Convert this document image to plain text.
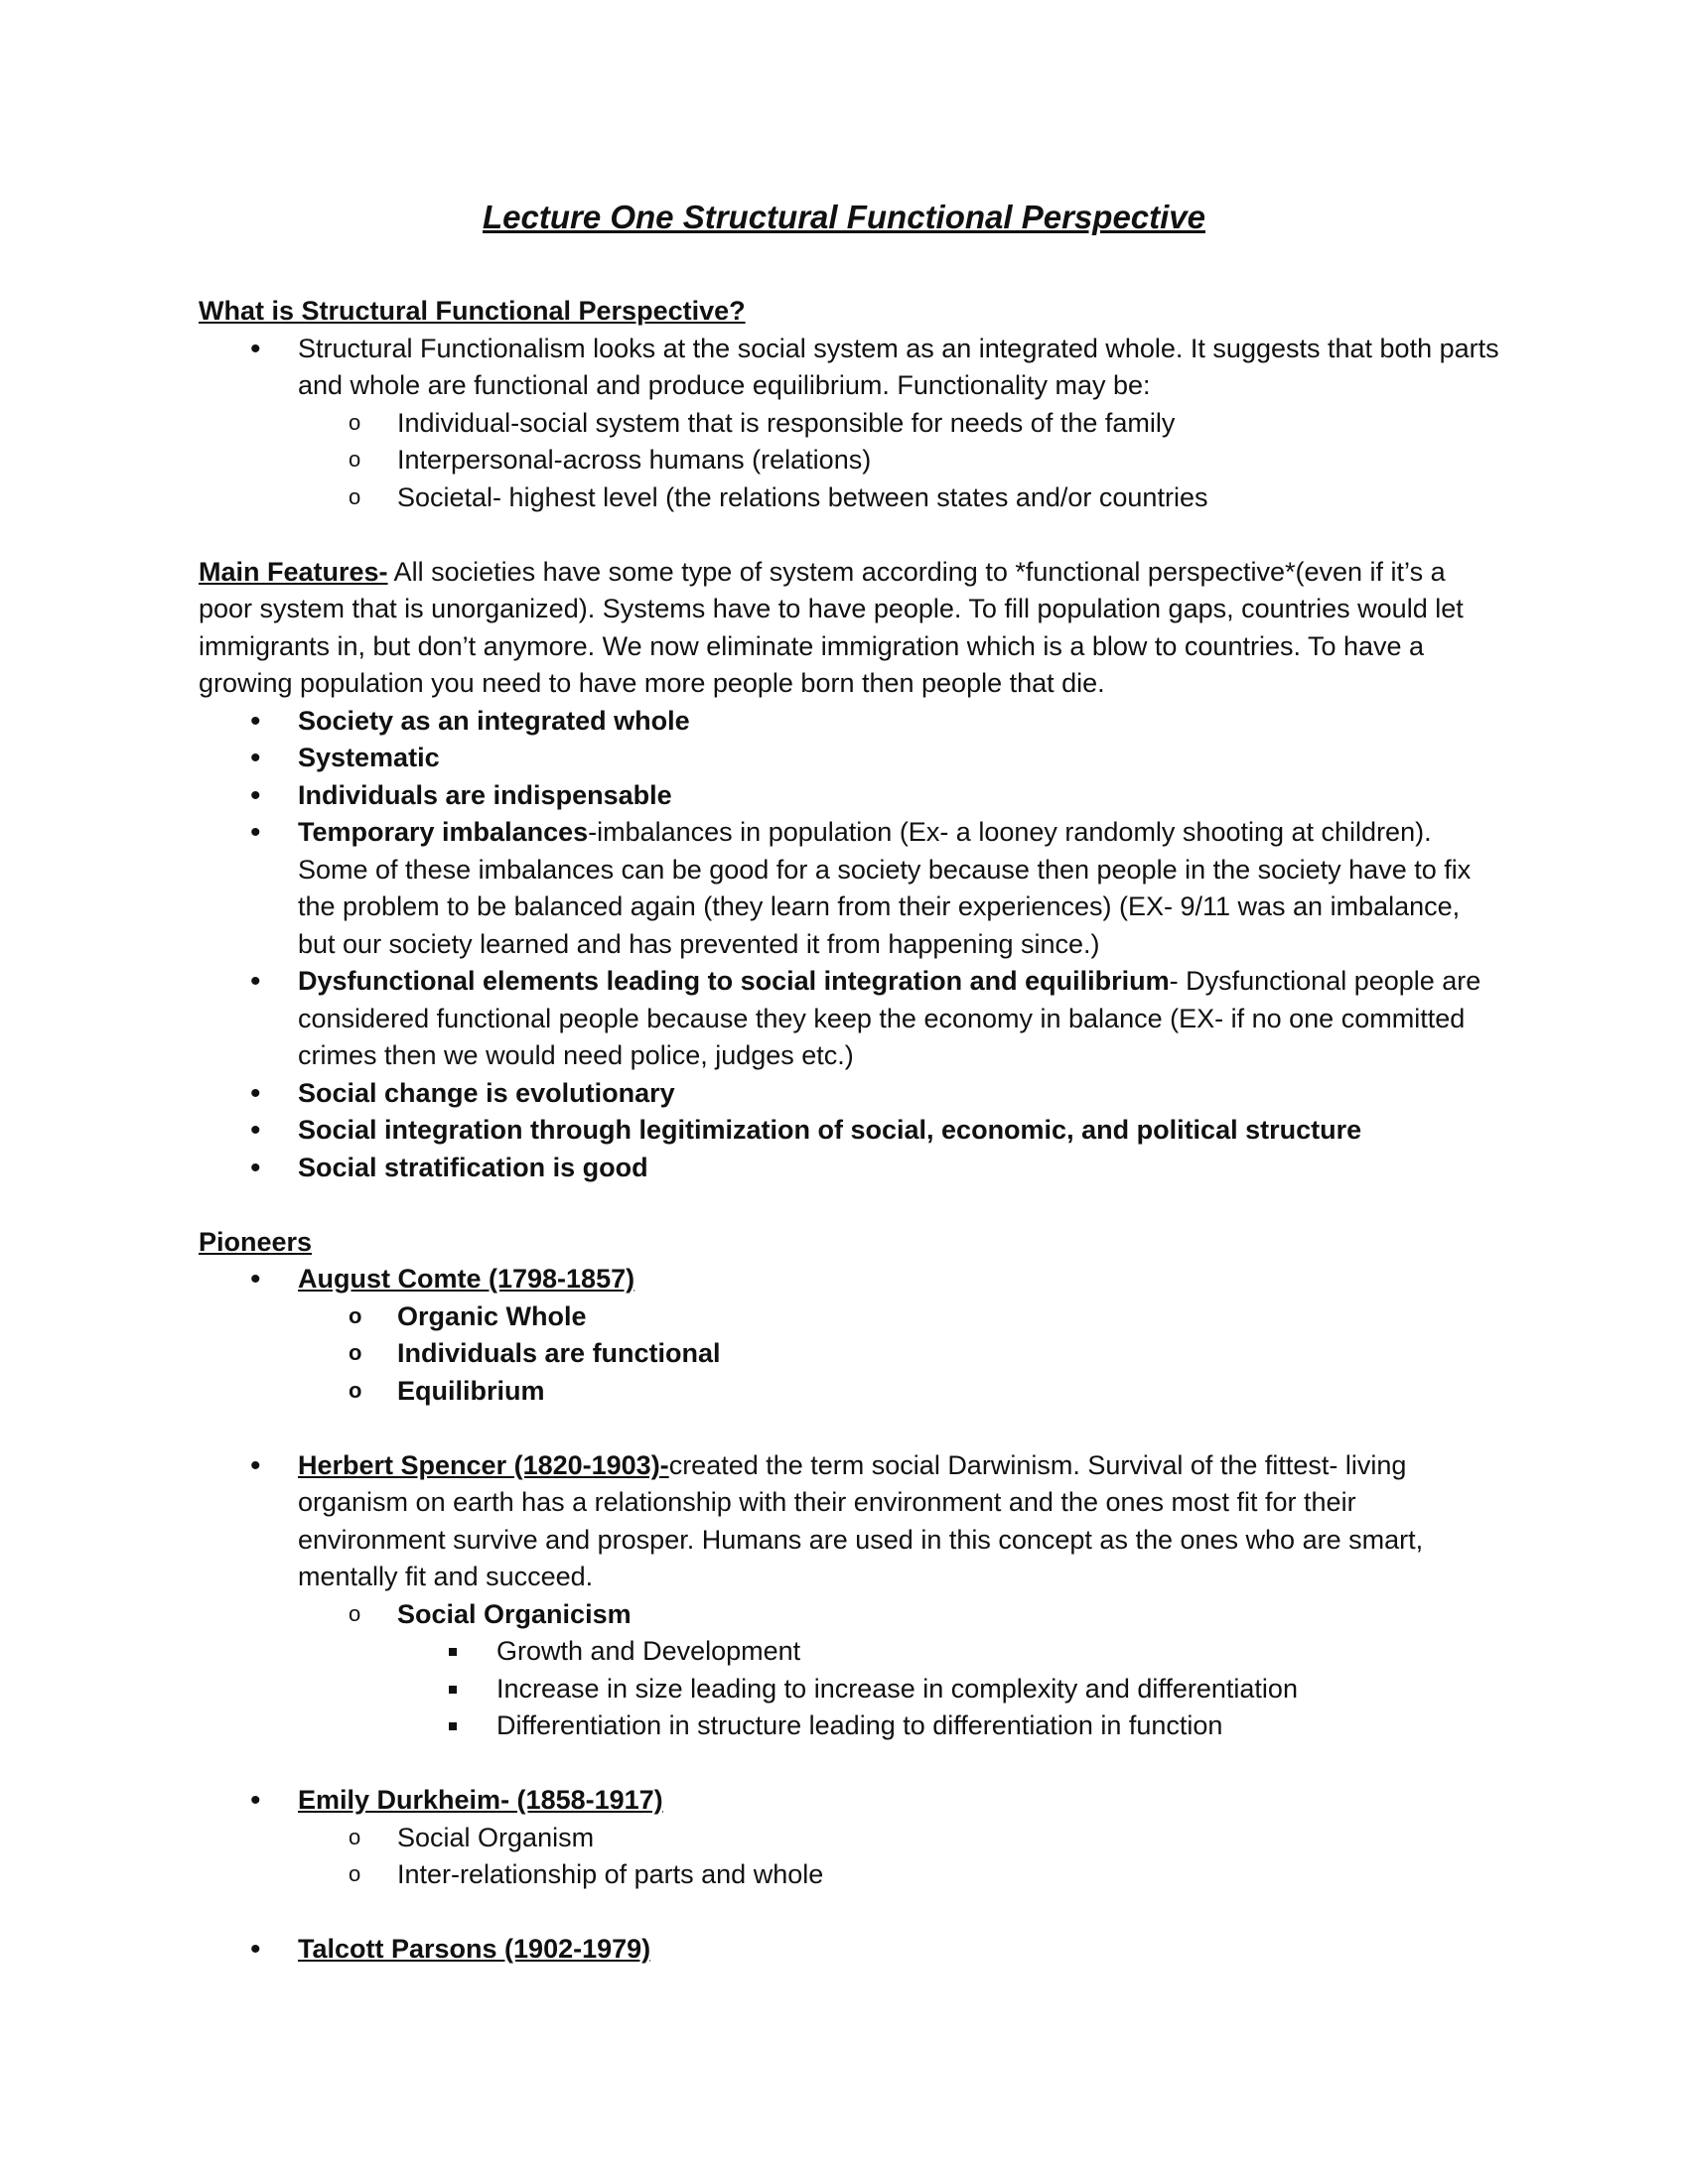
Lecture One Structural Functional Perspective

What is Structural Functional Perspective?

• Structural Functionalism looks at the social system as an integrated whole. It suggests that both parts and whole are functional and produce equilibrium. Functionality may be:
o Individual-social system that is responsible for needs of the family
o Interpersonal-across humans (relations)
o Societal- highest level (the relations between states and/or countries

Main Features- All societies have some type of system according to *functional perspective*(even if it’s a poor system that is unorganized). Systems have to have people. To fill population gaps, countries would let immigrants in, but don’t anymore. We now eliminate immigration which is a blow to countries. To have a growing population you need to have more people born then people that die.

• Society as an integrated whole
• Systematic
• Individuals are indispensable
• Temporary imbalances-imbalances in population (Ex- a looney randomly shooting at children). Some of these imbalances can be good for a society because then people in the society have to fix the problem to be balanced again (they learn from their experiences) (EX- 9/11 was an imbalance, but our society learned and has prevented it from happening since.)
• Dysfunctional elements leading to social integration and equilibrium- Dysfunctional people are considered functional people because they keep the economy in balance (EX- if no one committed crimes then we would need police, judges etc.)
• Social change is evolutionary
• Social integration through legitimization of social, economic, and political structure
• Social stratification is good

Pioneers

• August Comte (1798-1857)
o Organic Whole
o Individuals are functional
o Equilibrium
• Herbert Spencer (1820-1903)-created the term social Darwinism. Survival of the fittest- living organism on earth has a relationship with their environment and the ones most fit for their environment survive and prosper. Humans are used in this concept as the ones who are smart, mentally fit and succeed.
o Social Organicism
Growth and Development
Increase in size leading to increase in complexity and differentiation
Differentiation in structure leading to differentiation in function
• Emily Durkheim- (1858-1917)
o Social Organism
o Inter-relationship of parts and whole
• Talcott Parsons (1902-1979)
